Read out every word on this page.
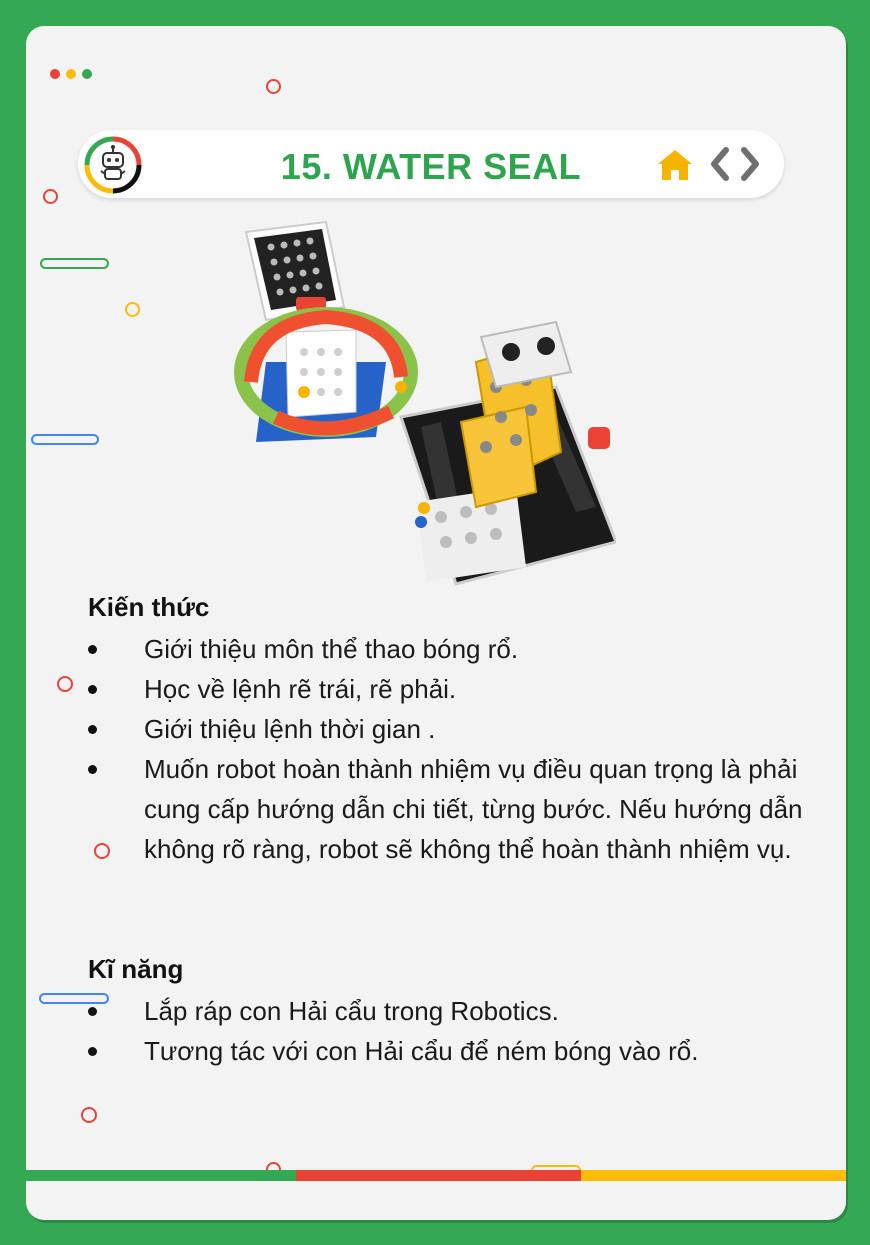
15. WATER SEAL
Kiến thức
Giới thiệu môn thể thao bóng rổ.
Học về lệnh rẽ trái, rẽ phải.
Giới thiệu lệnh thời gian .
Muốn robot hoàn thành nhiệm vụ điều quan trọng là phải cung cấp hướng dẫn chi tiết, từng bước. Nếu hướng dẫn không rõ ràng, robot sẽ không thể hoàn thành nhiệm vụ.
Kĩ năng
Lắp ráp con Hải cẩu trong Robotics.
Tương tác với con Hải cẩu để ném bóng vào rổ.
